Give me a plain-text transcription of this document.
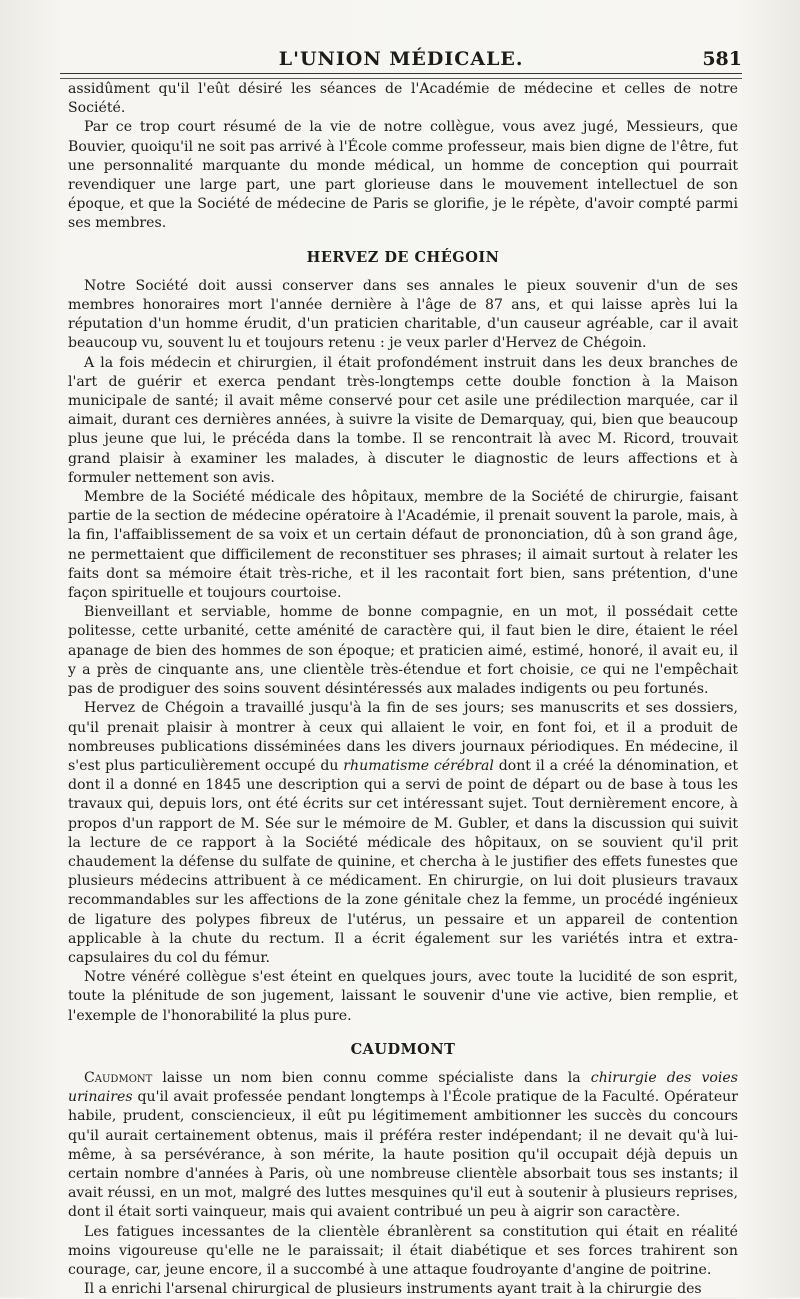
L'UNION MÉDICALE.	581

assidûment qu'il l'eût désiré les séances de l'Académie de médecine et celles de notre Société.

Par ce trop court résumé de la vie de notre collègue, vous avez jugé, Messieurs, que Bouvier, quoiqu'il ne soit pas arrivé à l'École comme professeur, mais bien digne de l'être, fut une personnalité marquante du monde médical, un homme de conception qui pourrait revendiquer une large part, une part glorieuse dans le mouvement intellectuel de son époque, et que la Société de médecine de Paris se glorifie, je le répète, d'avoir compté parmi ses membres.

HERVEZ DE CHÉGOIN

Notre Société doit aussi conserver dans ses annales le pieux souvenir d'un de ses membres honoraires mort l'année dernière à l'âge de 87 ans, et qui laisse après lui la réputation d'un homme érudit, d'un praticien charitable, d'un causeur agréable, car il avait beaucoup vu, souvent lu et toujours retenu : je veux parler d'Hervez de Chégoin.

A la fois médecin et chirurgien, il était profondément instruit dans les deux branches de l'art de guérir et exerca pendant très-longtemps cette double fonction à la Maison municipale de santé; il avait même conservé pour cet asile une prédilection marquée, car il aimait, durant ces dernières années, à suivre la visite de Demarquay, qui, bien que beaucoup plus jeune que lui, le précéda dans la tombe. Il se rencontrait là avec M. Ricord, trouvait grand plaisir à examiner les malades, à discuter le diagnostic de leurs affections et à formuler nettement son avis.

Membre de la Société médicale des hôpitaux, membre de la Société de chirurgie, faisant partie de la section de médecine opératoire à l'Académie, il prenait souvent la parole, mais, à la fin, l'affaiblissement de sa voix et un certain défaut de prononciation, dû à son grand âge, ne permettaient que difficilement de reconstituer ses phrases; il aimait surtout à relater les faits dont sa mémoire était très-riche, et il les racontait fort bien, sans prétention, d'une façon spirituelle et toujours courtoise.

Bienveillant et serviable, homme de bonne compagnie, en un mot, il possédait cette politesse, cette urbanité, cette aménité de caractère qui, il faut bien le dire, étaient le réel apanage de bien des hommes de son époque; et praticien aimé, estimé, honoré, il avait eu, il y a près de cinquante ans, une clientèle très-étendue et fort choisie, ce qui ne l'empêchait pas de prodiguer des soins souvent désintéressés aux malades indigents ou peu fortunés.

Hervez de Chégoin a travaillé jusqu'à la fin de ses jours; ses manuscrits et ses dossiers, qu'il prenait plaisir à montrer à ceux qui allaient le voir, en font foi, et il a produit de nombreuses publications disséminées dans les divers journaux périodiques. En médecine, il s'est plus particulièrement occupé du rhumatisme cérébral dont il a créé la dénomination, et dont il a donné en 1845 une description qui a servi de point de départ ou de base à tous les travaux qui, depuis lors, ont été écrits sur cet intéressant sujet. Tout dernièrement encore, à propos d'un rapport de M. Sée sur le mémoire de M. Gubler, et dans la discussion qui suivit la lecture de ce rapport à la Société médicale des hôpitaux, on se souvient qu'il prit chaudement la défense du sulfate de quinine, et chercha à le justifier des effets funestes que plusieurs médecins attribuent à ce médicament. En chirurgie, on lui doit plusieurs travaux recommandables sur les affections de la zone génitale chez la femme, un procédé ingénieux de ligature des polypes fibreux de l'utérus, un pessaire et un appareil de contention applicable à la chute du rectum. Il a écrit également sur les variétés intra et extra-capsulaires du col du fémur.

Notre vénéré collègue s'est éteint en quelques jours, avec toute la lucidité de son esprit, toute la plénitude de son jugement, laissant le souvenir d'une vie active, bien remplie, et l'exemple de l'honorabilité la plus pure.

CAUDMONT

Caudmont laisse un nom bien connu comme spécialiste dans la chirurgie des voies urinaires qu'il avait professée pendant longtemps à l'École pratique de la Faculté. Opérateur habile, prudent, consciencieux, il eût pu légitimement ambitionner les succès du concours qu'il aurait certainement obtenus, mais il préféra rester indépendant; il ne devait qu'à lui-même, à sa persévérance, à son mérite, la haute position qu'il occupait déjà depuis un certain nombre d'années à Paris, où une nombreuse clientèle absorbait tous ses instants; il avait réussi, en un mot, malgré des luttes mesquines qu'il eut à soutenir à plusieurs reprises, dont il était sorti vainqueur, mais qui avaient contribué un peu à aigrir son caractère.

Les fatigues incessantes de la clientèle ébranlèrent sa constitution qui était en réalité moins vigoureuse qu'elle ne le paraissait; il était diabétique et ses forces trahirent son courage, car, jeune encore, il a succombé à une attaque foudroyante d'angine de poitrine.

Il a enrichi l'arsenal chirurgical de plusieurs instruments ayant trait à la chirurgie des
